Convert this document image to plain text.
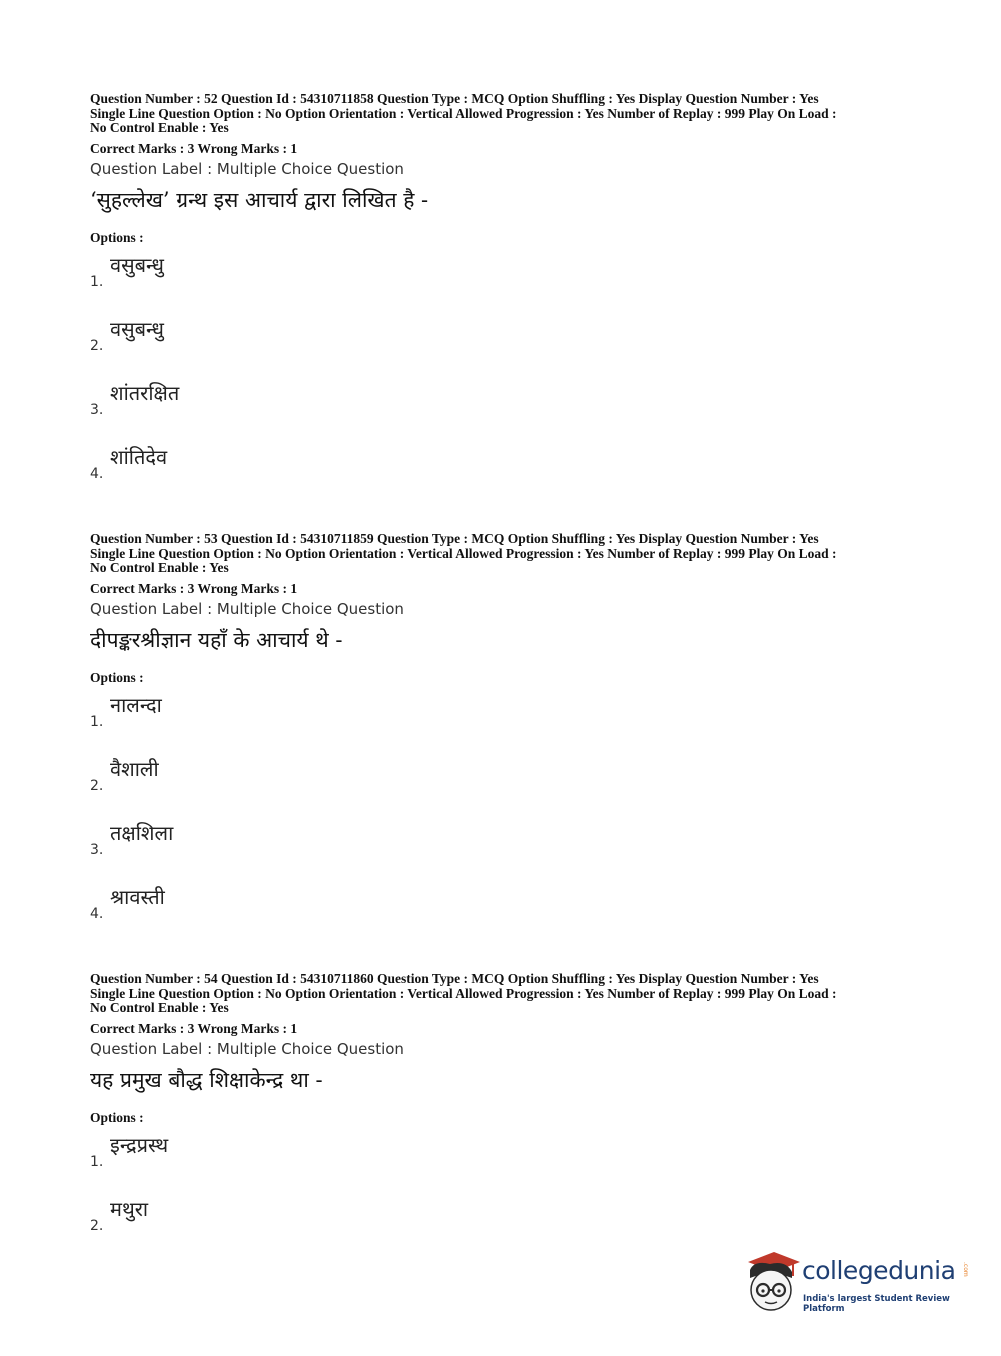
Question Number : 52 Question Id : 54310711858 Question Type : MCQ Option Shuffling : Yes Display Question Number : Yes
Single Line Question Option : No Option Orientation : Vertical Allowed Progression : Yes Number of Replay : 999 Play On Load :
No Control Enable : Yes
Correct Marks : 3 Wrong Marks : 1
Question Label : Multiple Choice Question
‘सुहल्लेख’ ग्रन्थ इस आचार्य द्वारा लिखित है -
Options :
1.
वसुबन्धु
2.
वसुबन्धु
3.
शांतरक्षित
4.
शांतिदेव
Question Number : 53 Question Id : 54310711859 Question Type : MCQ Option Shuffling : Yes Display Question Number : Yes
Single Line Question Option : No Option Orientation : Vertical Allowed Progression : Yes Number of Replay : 999 Play On Load :
No Control Enable : Yes
Correct Marks : 3 Wrong Marks : 1
Question Label : Multiple Choice Question
दीपङ्करश्रीज्ञान यहाँ के आचार्य थे -
Options :
1.
नालन्दा
2.
वैशाली
3.
तक्षशिला
4.
श्रावस्ती
Question Number : 54 Question Id : 54310711860 Question Type : MCQ Option Shuffling : Yes Display Question Number : Yes
Single Line Question Option : No Option Orientation : Vertical Allowed Progression : Yes Number of Replay : 999 Play On Load :
No Control Enable : Yes
Correct Marks : 3 Wrong Marks : 1
Question Label : Multiple Choice Question
यह प्रमुख बौद्ध शिक्षाकेन्द्र था -
Options :
1.
इन्द्रप्रस्थ
2.
मथुरा
collegedunia .com
India's largest Student Review Platform
